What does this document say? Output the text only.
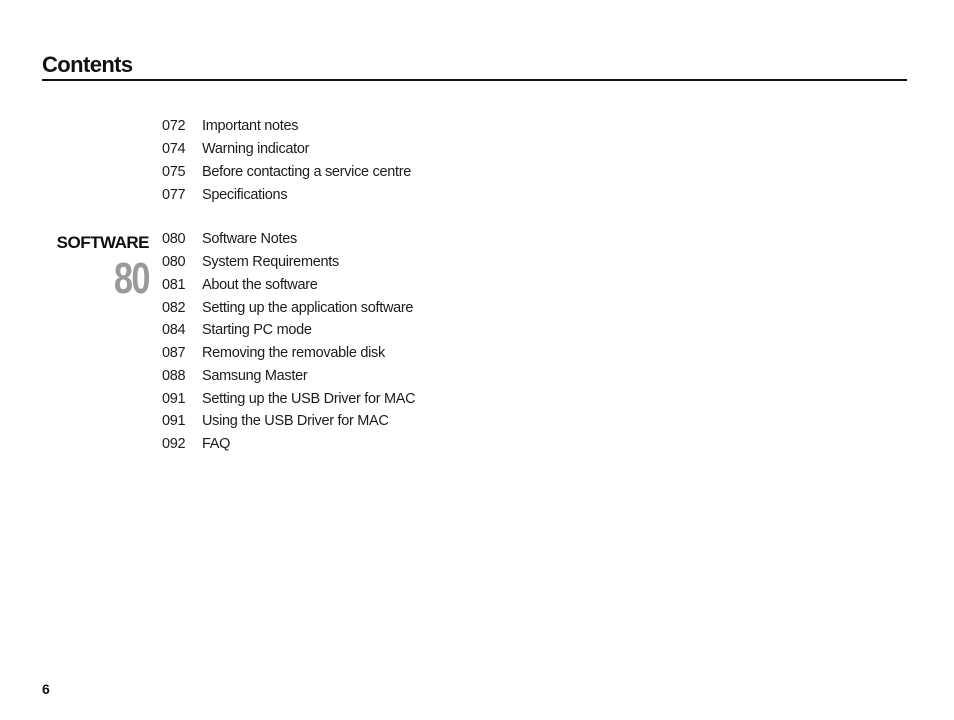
Contents
072	Important notes
074	Warning indicator
075	Before contacting a service centre
077	Specifications
SOFTWARE
80
080	Software Notes
080	System Requirements
081	About the software
082	Setting up the application software
084	Starting PC mode
087	Removing the removable disk
088	Samsung Master
091	Setting up the USB Driver for MAC
091	Using the USB Driver for MAC
092	FAQ
6
